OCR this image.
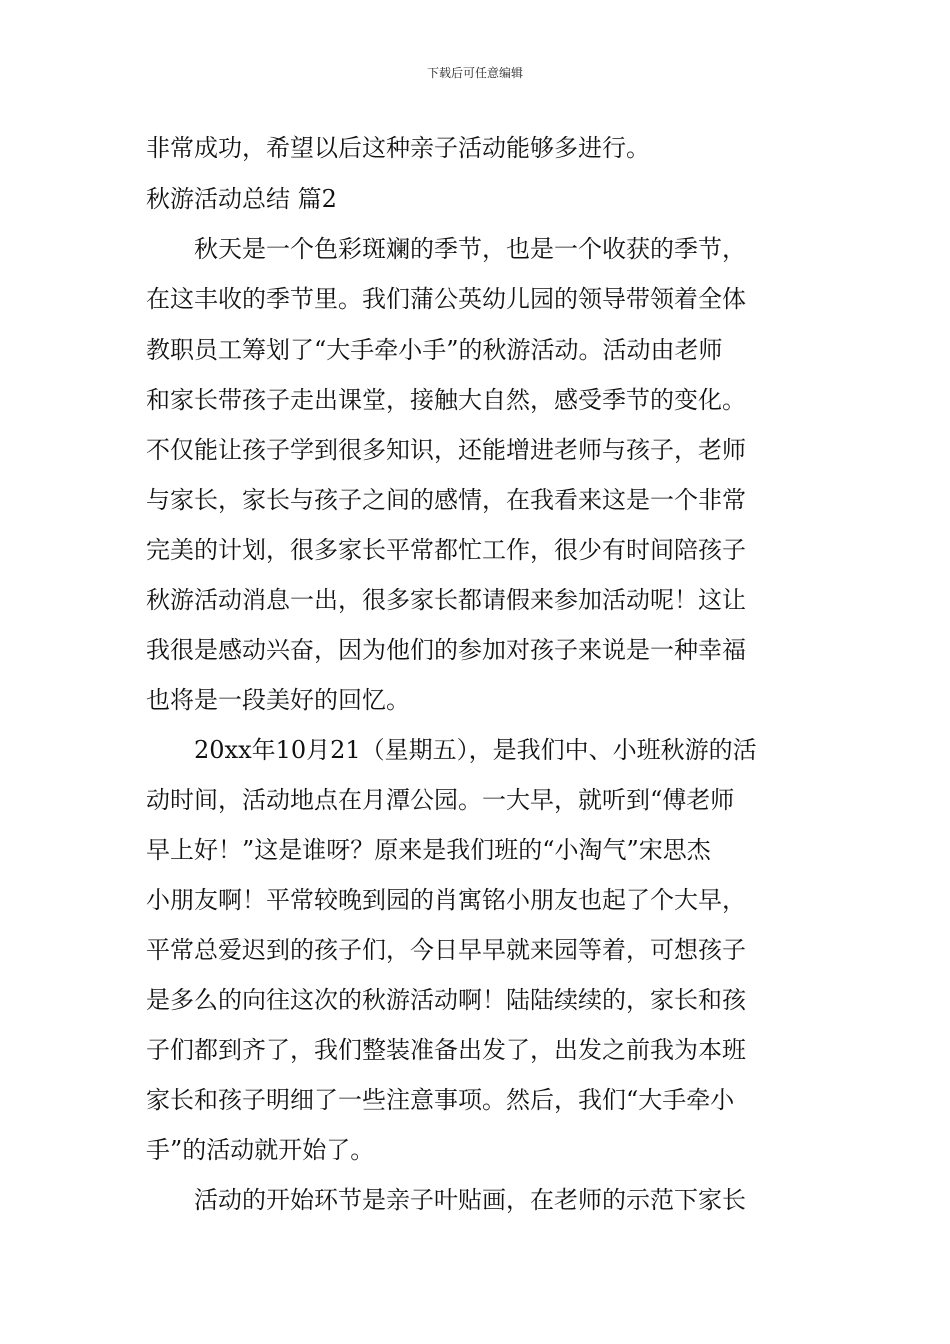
下载后可任意编辑
非常成功，希望以后这种亲子活动能够多进行。
秋游活动总结 篇2
　　秋天是一个色彩斑斓的季节，也是一个收获的季节，
在这丰收的季节里。我们蒲公英幼儿园的领导带领着全体
教职员工筹划了“大手牵小手”的秋游活动。活动由老师
和家长带孩子走出课堂，接触大自然，感受季节的变化。
不仅能让孩子学到很多知识，还能增进老师与孩子，老师
与家长，家长与孩子之间的感情，在我看来这是一个非常
完美的计划，很多家长平常都忙工作，很少有时间陪孩子
秋游活动消息一出，很多家长都请假来参加活动呢！这让
我很是感动兴奋，因为他们的参加对孩子来说是一种幸福
也将是一段美好的回忆。
　　20xx年10月21（星期五），是我们中、小班秋游的活
动时间，活动地点在月潭公园。一大早，就听到“傅老师
早上好！”这是谁呀？原来是我们班的“小淘气”宋思杰
小朋友啊！平常较晚到园的肖寓铭小朋友也起了个大早，
平常总爱迟到的孩子们，今日早早就来园等着，可想孩子
是多么的向往这次的秋游活动啊！陆陆续续的，家长和孩
子们都到齐了，我们整装准备出发了，出发之前我为本班
家长和孩子明细了一些注意事项。然后，我们“大手牵小
手”的活动就开始了。
　　活动的开始环节是亲子叶贴画，在老师的示范下家长
